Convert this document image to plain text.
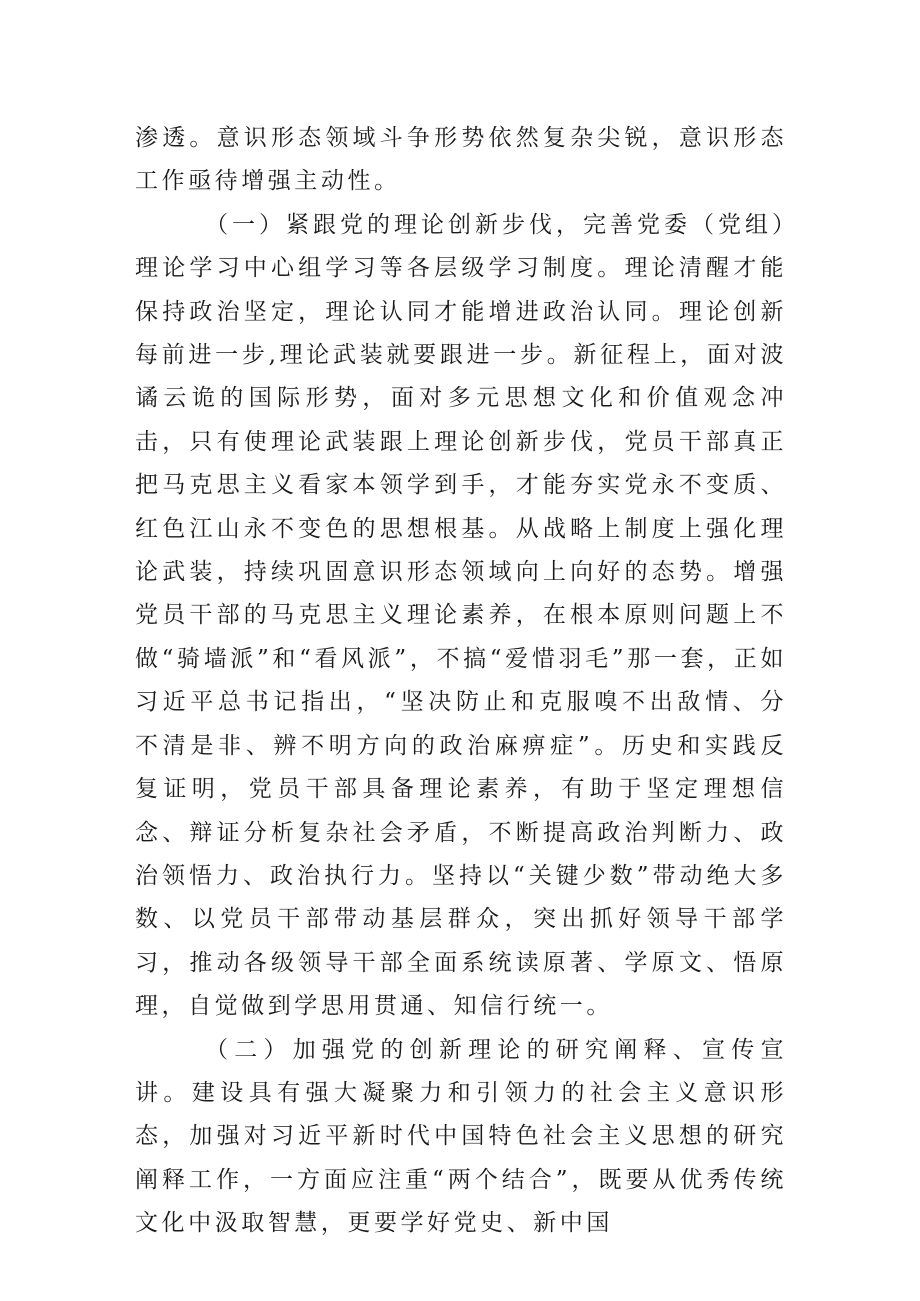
渗透。意识形态领域斗争形势依然复杂尖锐，意识形态工作亟待增强主动性。

（一）紧跟党的理论创新步伐，完善党委（党组）理论学习中心组学习等各层级学习制度。理论清醒才能保持政治坚定，理论认同才能增进政治认同。理论创新每前进一步,理论武装就要跟进一步。新征程上，面对波谲云诡的国际形势，面对多元思想文化和价值观念冲击，只有使理论武装跟上理论创新步伐，党员干部真正把马克思主义看家本领学到手，才能夯实党永不变质、红色江山永不变色的思想根基。从战略上制度上强化理论武装，持续巩固意识形态领域向上向好的态势。增强党员干部的马克思主义理论素养，在根本原则问题上不做“骑墙派”和“看风派”，不搞“爱惜羽毛”那一套，正如习近平总书记指出，“坚决防止和克服嗅不出敌情、分不清是非、辨不明方向的政治麻痹症”。历史和实践反复证明，党员干部具备理论素养，有助于坚定理想信念、辩证分析复杂社会矛盾，不断提高政治判断力、政治领悟力、政治执行力。坚持以“关键少数”带动绝大多数、以党员干部带动基层群众，突出抓好领导干部学习，推动各级领导干部全面系统读原著、学原文、悟原理，自觉做到学思用贯通、知信行统一。

（二）加强党的创新理论的研究阐释、宣传宣讲。建设具有强大凝聚力和引领力的社会主义意识形态，加强对习近平新时代中国特色社会主义思想的研究阐释工作，一方面应注重“两个结合”，既要从优秀传统文化中汲取智慧，更要学好党史、新中国
